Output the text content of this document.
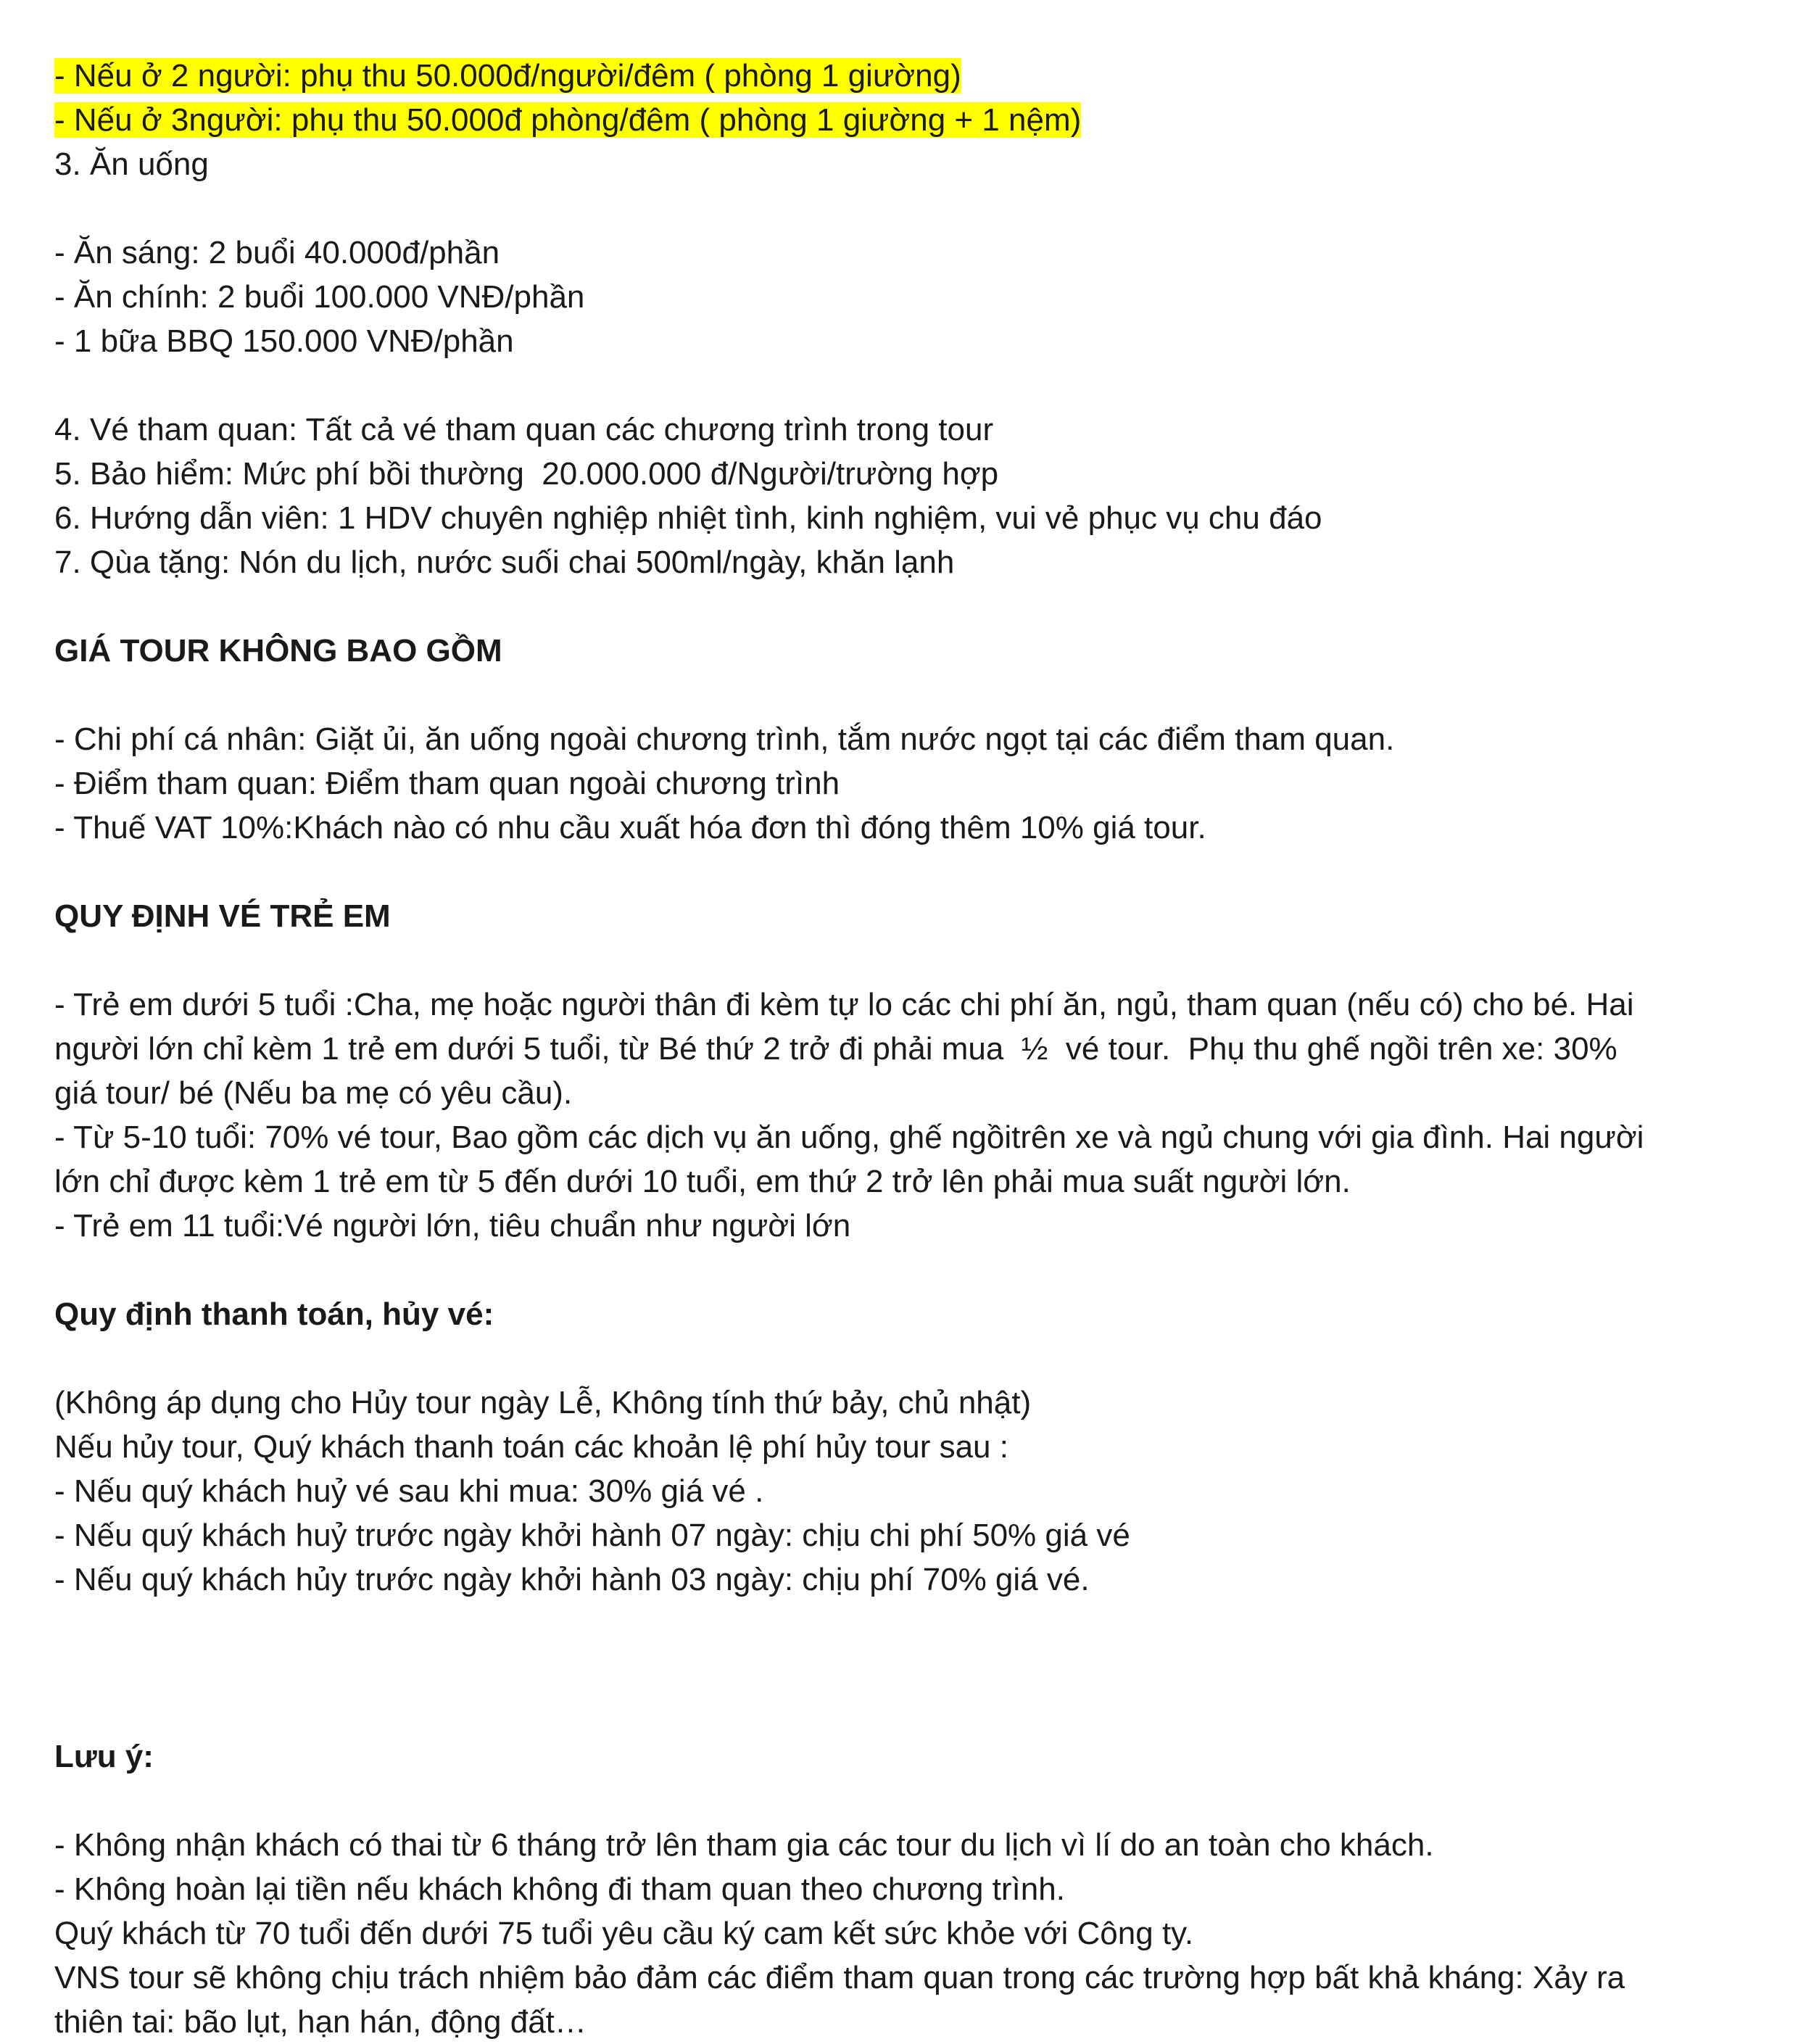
- Nếu ở 2 người: phụ thu 50.000đ/người/đêm ( phòng 1 giường)
- Nếu ở 3người: phụ thu 50.000đ phòng/đêm ( phòng 1 giường + 1 nệm)
3. Ăn uống
- Ăn sáng: 2 buổi 40.000đ/phần
- Ăn chính: 2 buổi 100.000 VNĐ/phần
- 1 bữa BBQ 150.000 VNĐ/phần
4. Vé tham quan: Tất cả vé tham quan các chương trình trong tour
5. Bảo hiểm: Mức phí bồi thường  20.000.000 đ/Người/trường hợp
6. Hướng dẫn viên: 1 HDV chuyên nghiệp nhiệt tình, kinh nghiệm, vui vẻ phục vụ chu đáo
7. Qùa tặng: Nón du lịch, nước suối chai 500ml/ngày, khăn lạnh
GIÁ TOUR KHÔNG BAO GỒM
- Chi phí cá nhân: Giặt ủi, ăn uống ngoài chương trình, tắm nước ngọt tại các điểm tham quan.
- Điểm tham quan: Điểm tham quan ngoài chương trình
- Thuế VAT 10%:Khách nào có nhu cầu xuất hóa đơn thì đóng thêm 10% giá tour.
QUY ĐỊNH VÉ TRẺ EM
- Trẻ em dưới 5 tuổi :Cha, mẹ hoặc người thân đi kèm tự lo các chi phí ăn, ngủ, tham quan (nếu có) cho bé. Hai
người lớn chỉ kèm 1 trẻ em dưới 5 tuổi, từ Bé thứ 2 trở đi phải mua  ½  vé tour.  Phụ thu ghế ngồi trên xe: 30%
giá tour/ bé (Nếu ba mẹ có yêu cầu).
- Từ 5-10 tuổi: 70% vé tour, Bao gồm các dịch vụ ăn uống, ghế ngồitrên xe và ngủ chung với gia đình. Hai người
lớn chỉ được kèm 1 trẻ em từ 5 đến dưới 10 tuổi, em thứ 2 trở lên phải mua suất người lớn.
- Trẻ em 11 tuổi:Vé người lớn, tiêu chuẩn như người lớn
Quy định thanh toán, hủy vé:
(Không áp dụng cho Hủy tour ngày Lễ, Không tính thứ bảy, chủ nhật)
Nếu hủy tour, Quý khách thanh toán các khoản lệ phí hủy tour sau :
- Nếu quý khách huỷ vé sau khi mua: 30% giá vé .
- Nếu quý khách huỷ trước ngày khởi hành 07 ngày: chịu chi phí 50% giá vé
- Nếu quý khách hủy trước ngày khởi hành 03 ngày: chịu phí 70% giá vé.
Lưu ý:
- Không nhận khách có thai từ 6 tháng trở lên tham gia các tour du lịch vì lí do an toàn cho khách.
- Không hoàn lại tiền nếu khách không đi tham quan theo chương trình.
Quý khách từ 70 tuổi đến dưới 75 tuổi yêu cầu ký cam kết sức khỏe với Công ty.
VNS tour sẽ không chịu trách nhiệm bảo đảm các điểm tham quan trong các trường hợp bất khả kháng: Xảy ra
thiên tai: bão lụt, hạn hán, động đất…
